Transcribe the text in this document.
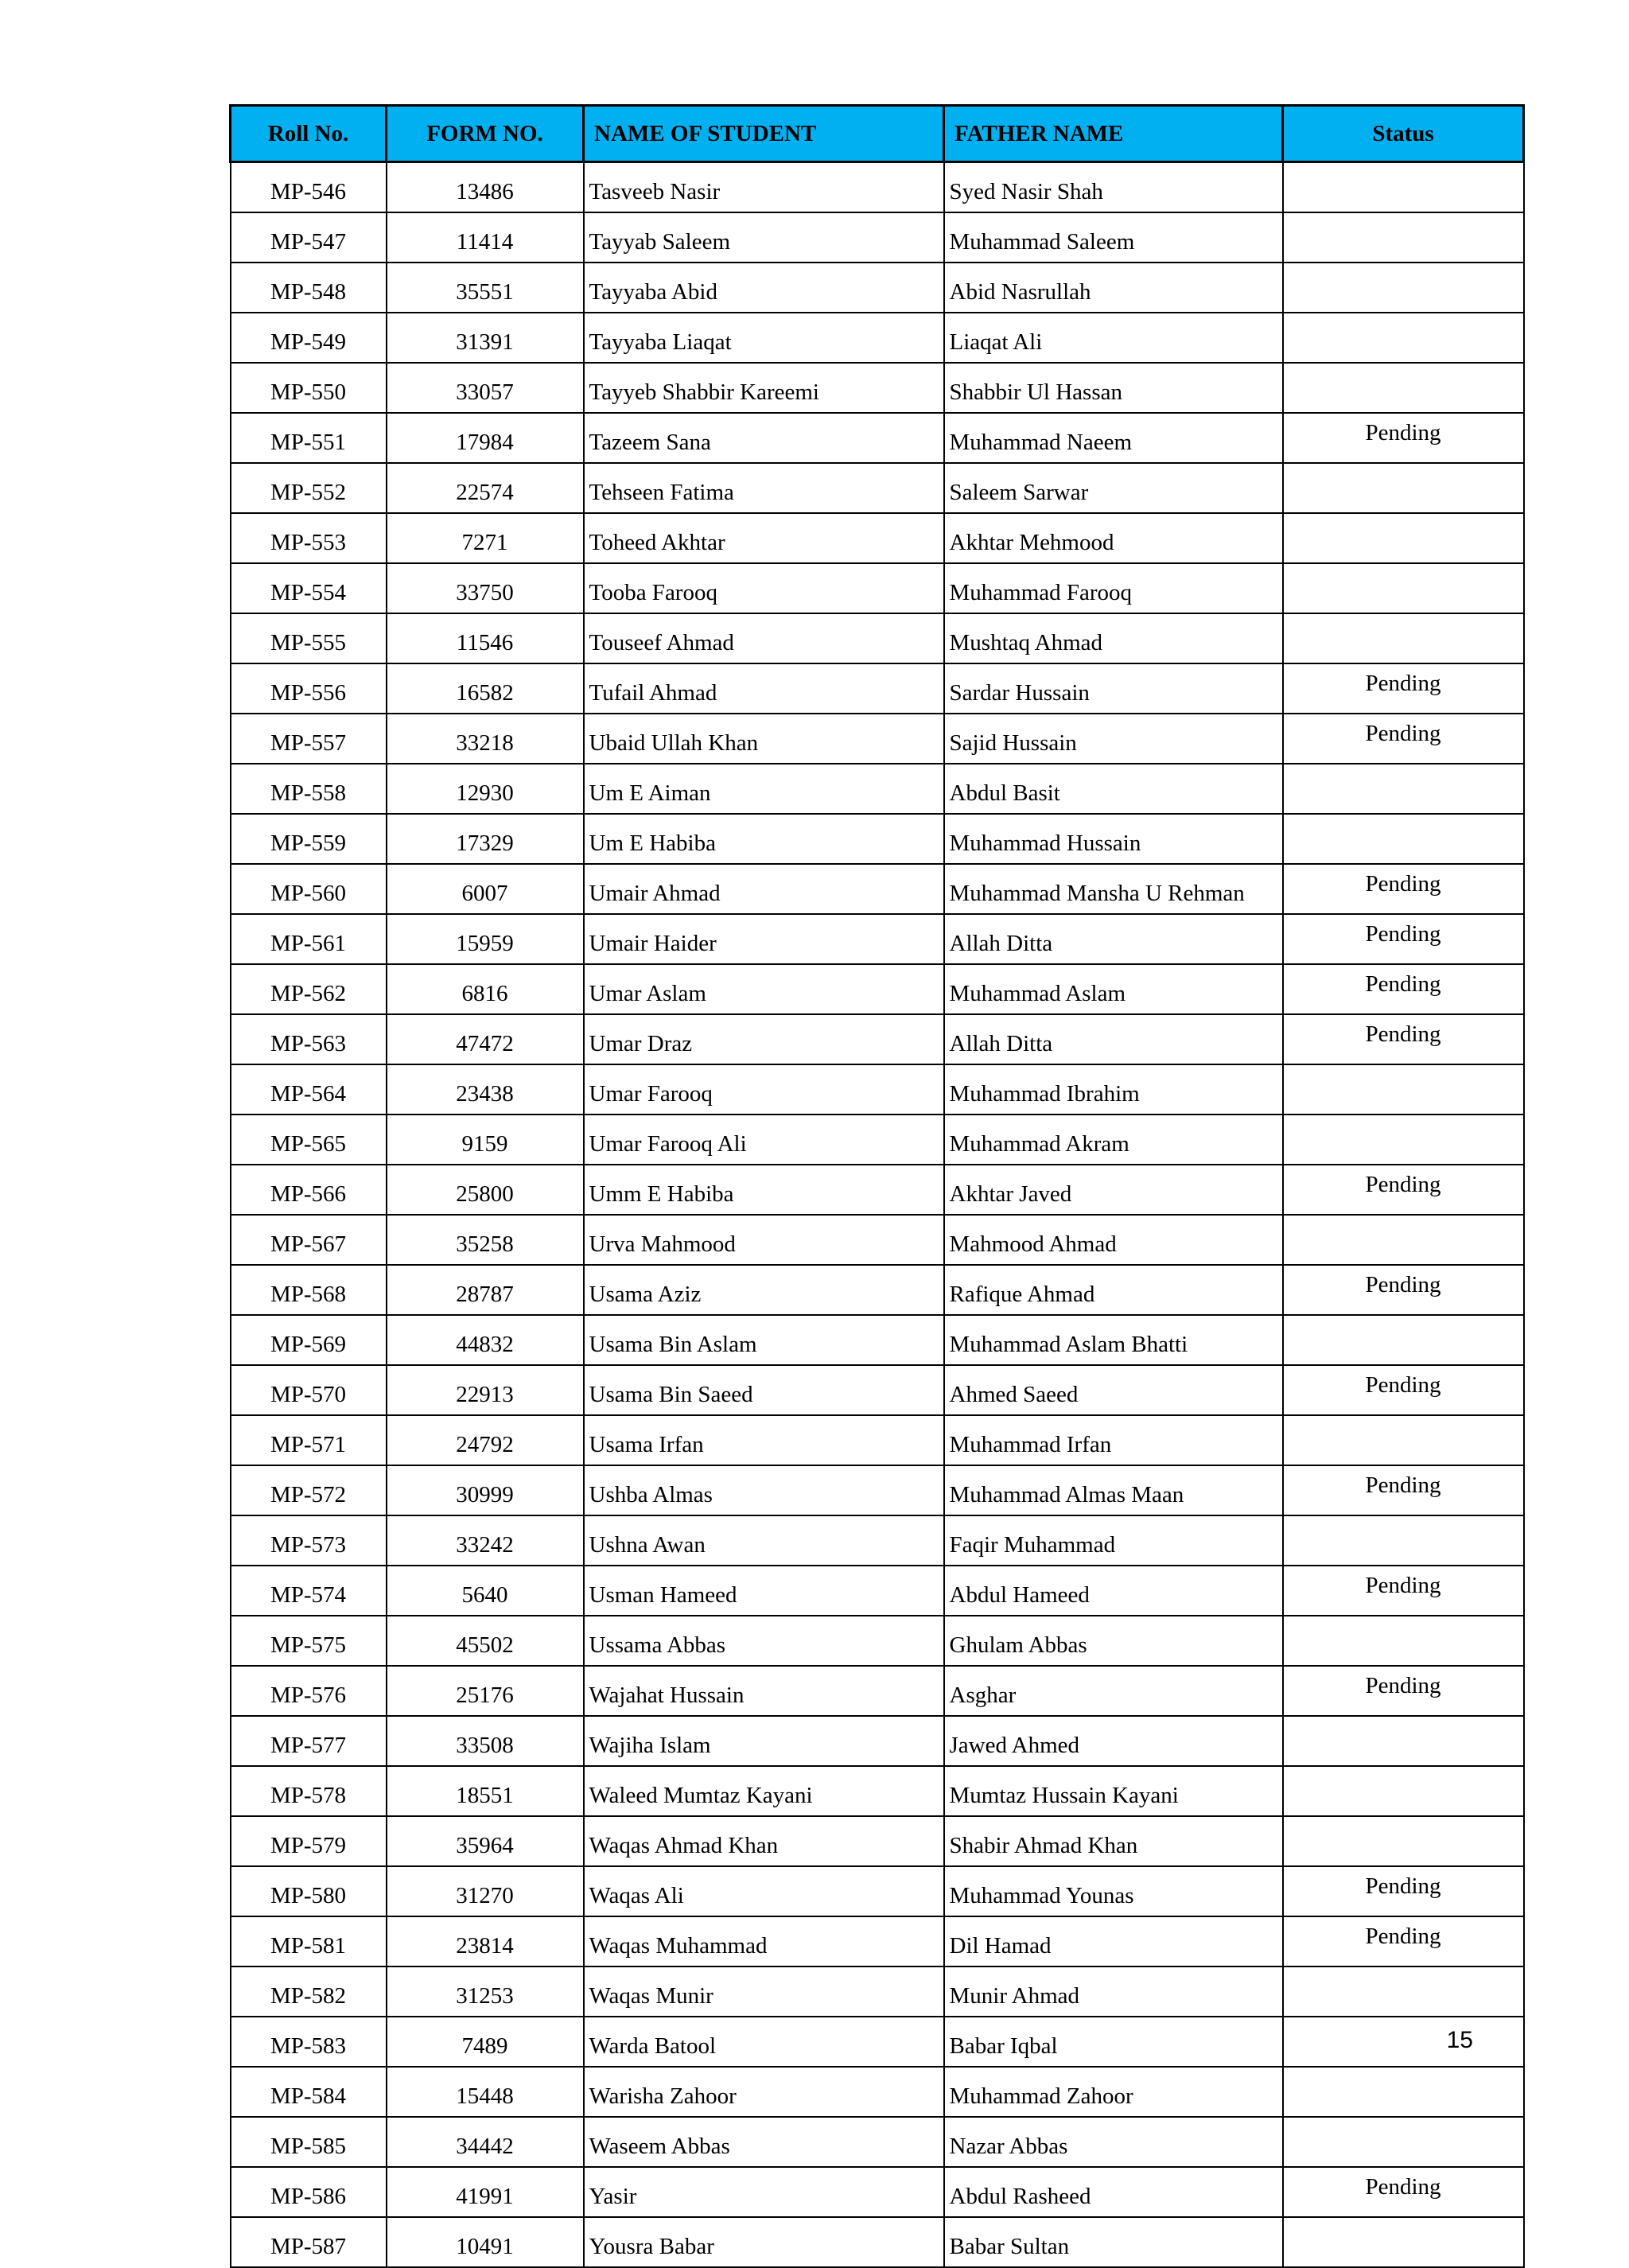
Roll No.	FORM NO.	NAME OF STUDENT	FATHER NAME	Status
MP-546	13486	Tasveeb Nasir	Syed Nasir Shah	
MP-547	11414	Tayyab Saleem	Muhammad Saleem	
MP-548	35551	Tayyaba Abid	Abid Nasrullah	
MP-549	31391	Tayyaba Liaqat	Liaqat Ali	
MP-550	33057	Tayyeb Shabbir Kareemi	Shabbir Ul Hassan	
MP-551	17984	Tazeem Sana	Muhammad Naeem	Pending
MP-552	22574	Tehseen Fatima	Saleem Sarwar	
MP-553	7271	Toheed Akhtar	Akhtar Mehmood	
MP-554	33750	Tooba Farooq	Muhammad Farooq	
MP-555	11546	Touseef Ahmad	Mushtaq Ahmad	
MP-556	16582	Tufail Ahmad	Sardar Hussain	Pending
MP-557	33218	Ubaid Ullah Khan	Sajid Hussain	Pending
MP-558	12930	Um E Aiman	Abdul Basit	
MP-559	17329	Um E Habiba	Muhammad Hussain	
MP-560	6007	Umair Ahmad	Muhammad Mansha U Rehman	Pending
MP-561	15959	Umair Haider	Allah Ditta	Pending
MP-562	6816	Umar Aslam	Muhammad Aslam	Pending
MP-563	47472	Umar Draz	Allah Ditta	Pending
MP-564	23438	Umar Farooq	Muhammad Ibrahim	
MP-565	9159	Umar Farooq Ali	Muhammad Akram	
MP-566	25800	Umm E Habiba	Akhtar Javed	Pending
MP-567	35258	Urva Mahmood	Mahmood Ahmad	
MP-568	28787	Usama Aziz	Rafique Ahmad	Pending
MP-569	44832	Usama Bin Aslam	Muhammad Aslam Bhatti	
MP-570	22913	Usama Bin Saeed	Ahmed Saeed	Pending
MP-571	24792	Usama Irfan	Muhammad Irfan	
MP-572	30999	Ushba Almas	Muhammad Almas Maan	Pending
MP-573	33242	Ushna Awan	Faqir Muhammad	
MP-574	5640	Usman Hameed	Abdul Hameed	Pending
MP-575	45502	Ussama Abbas	Ghulam Abbas	
MP-576	25176	Wajahat Hussain	Asghar	Pending
MP-577	33508	Wajiha Islam	Jawed Ahmed	
MP-578	18551	Waleed Mumtaz Kayani	Mumtaz Hussain Kayani	
MP-579	35964	Waqas Ahmad Khan	Shabir Ahmad Khan	
MP-580	31270	Waqas Ali	Muhammad Younas	Pending
MP-581	23814	Waqas Muhammad	Dil Hamad	Pending
MP-582	31253	Waqas Munir	Munir Ahmad	
MP-583	7489	Warda Batool	Babar Iqbal	
MP-584	15448	Warisha Zahoor	Muhammad Zahoor	
MP-585	34442	Waseem Abbas	Nazar Abbas	
MP-586	41991	Yasir	Abdul Rasheed	Pending
MP-587	10491	Yousra Babar	Babar Sultan	
15
